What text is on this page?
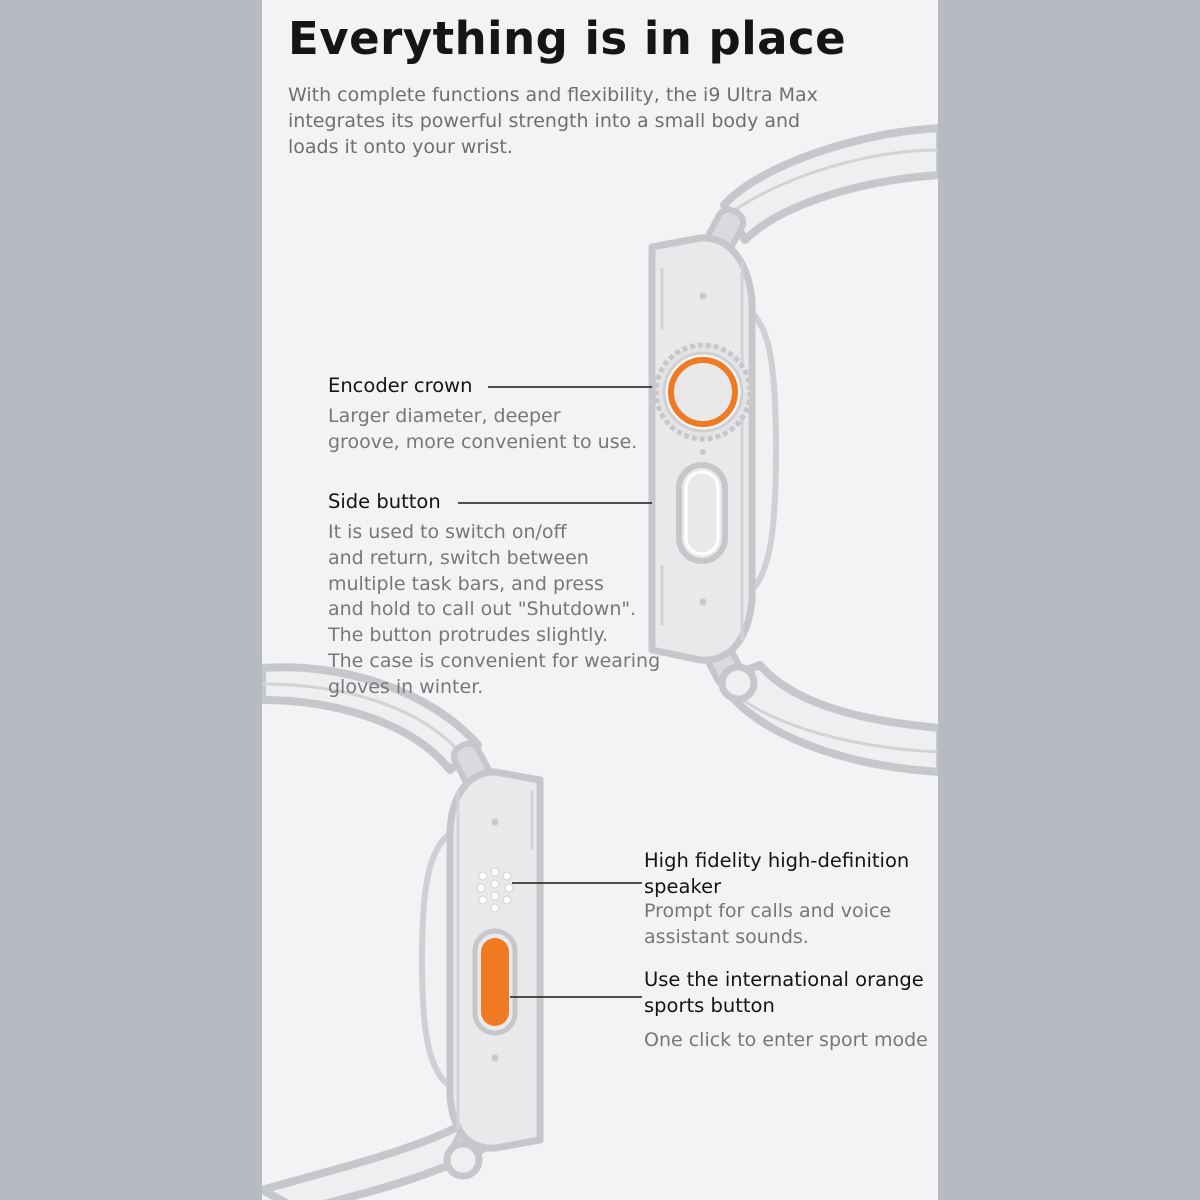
Everything is in place

With complete functions and flexibility, the i9 Ultra Max integrates its powerful strength into a small body and loads it onto your wrist.

Encoder crown

Larger diameter, deeper groove, more convenient to use.

Side button

It is used to switch on/off
and return, switch between
multiple task bars, and press
and hold to call out "Shutdown".
The button protrudes slightly.
The case is convenient for wearing
gloves in winter.

High fidelity high-definition speaker

Prompt for calls and voice assistant sounds.

Use the international orange sports button

One click to enter sport mode
